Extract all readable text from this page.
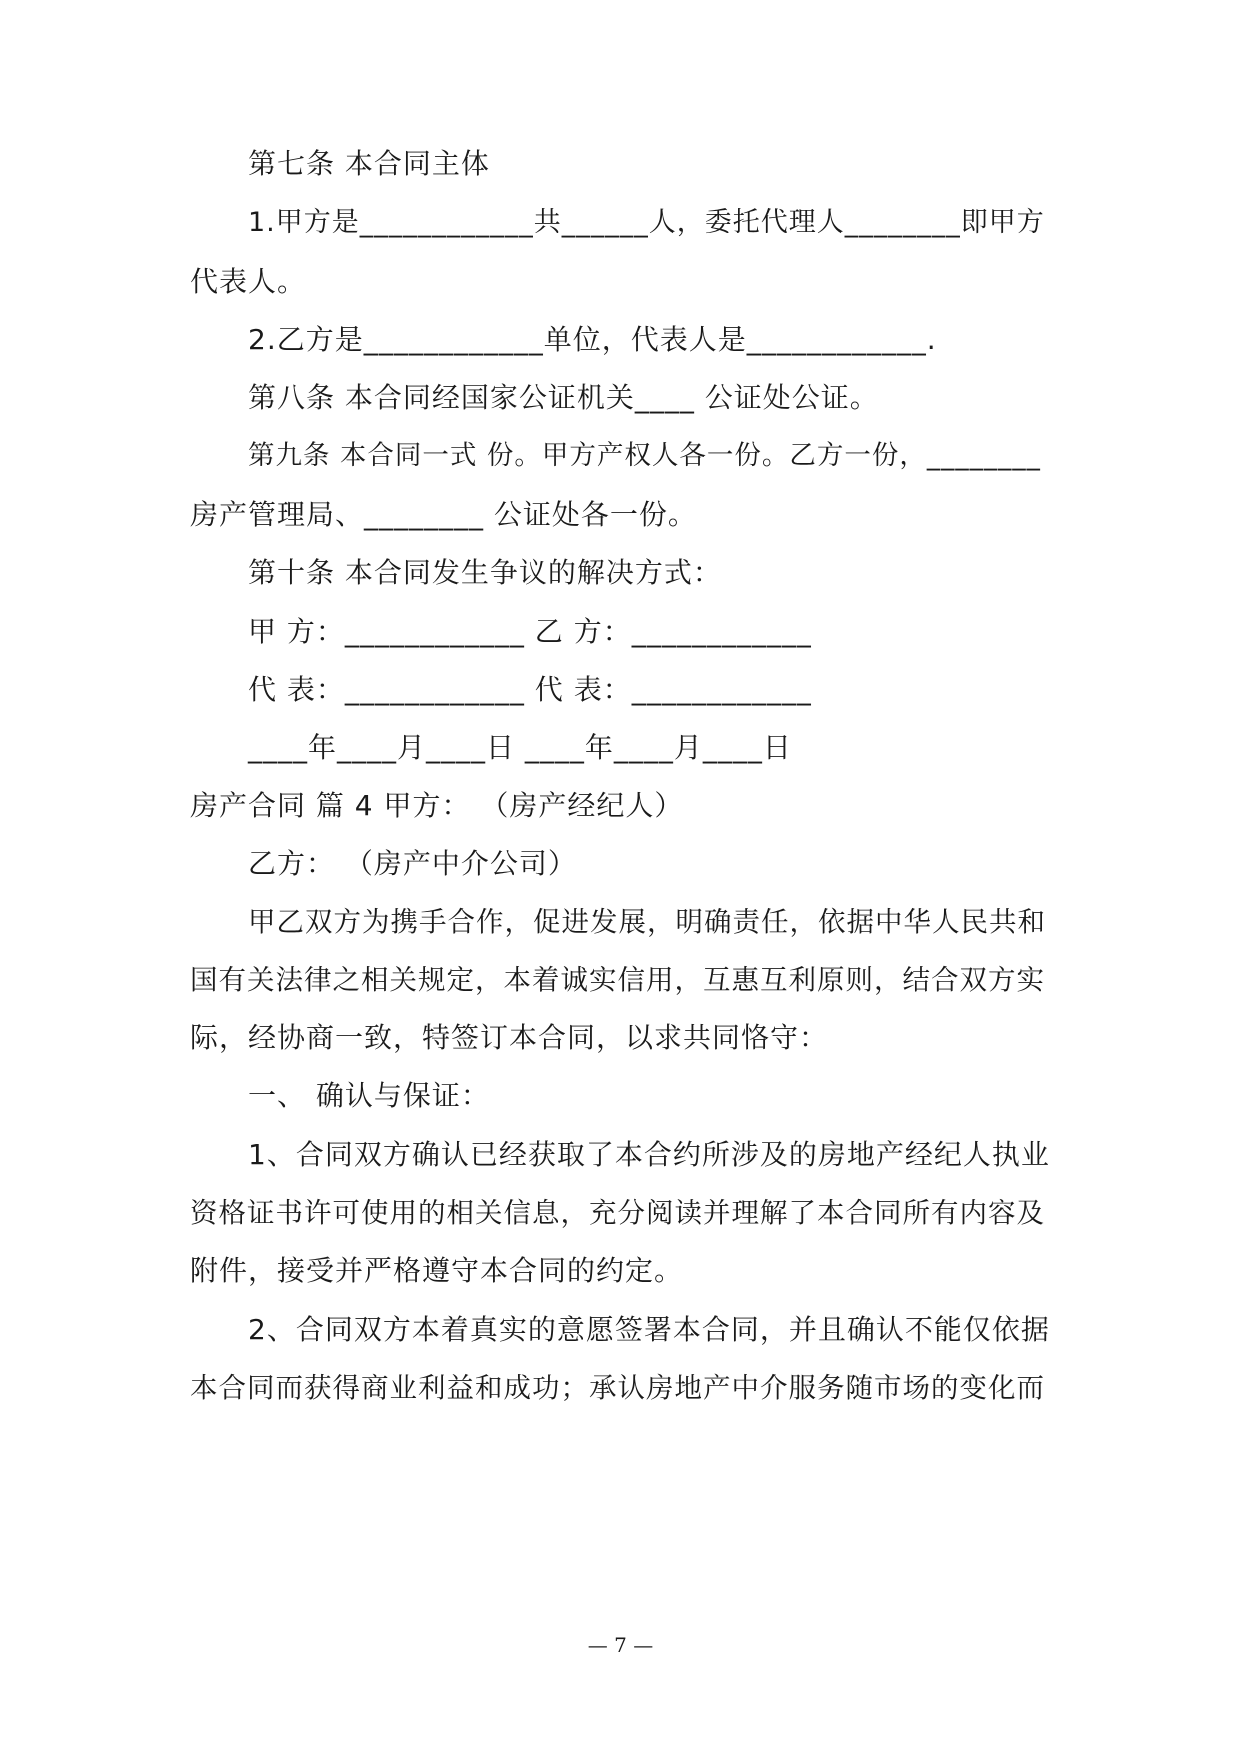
第七条 本合同主体
1.甲方是____________共______人，委托代理人________即甲方
代表人。
2.乙方是____________单位，代表人是____________.
第八条 本合同经国家公证机关____ 公证处公证。
第九条 本合同一式 份。甲方产权人各一份。乙方一份，________
房产管理局、________ 公证处各一份。
第十条 本合同发生争议的解决方式：
甲 方：____________ 乙 方：____________
代 表：____________ 代 表：____________
____年____月____日 ____年____月____日
房产合同 篇 4 甲方： （房产经纪人）
乙方： （房产中介公司）
甲乙双方为携手合作，促进发展，明确责任，依据中华人民共和
国有关法律之相关规定，本着诚实信用，互惠互利原则，结合双方实
际，经协商一致，特签订本合同，以求共同恪守：
一、 确认与保证：
1、合同双方确认已经获取了本合约所涉及的房地产经纪人执业
资格证书许可使用的相关信息，充分阅读并理解了本合同所有内容及
附件，接受并严格遵守本合同的约定。
2、合同双方本着真实的意愿签署本合同，并且确认不能仅依据
本合同而获得商业利益和成功；承认房地产中介服务随市场的变化而
— 7 —
